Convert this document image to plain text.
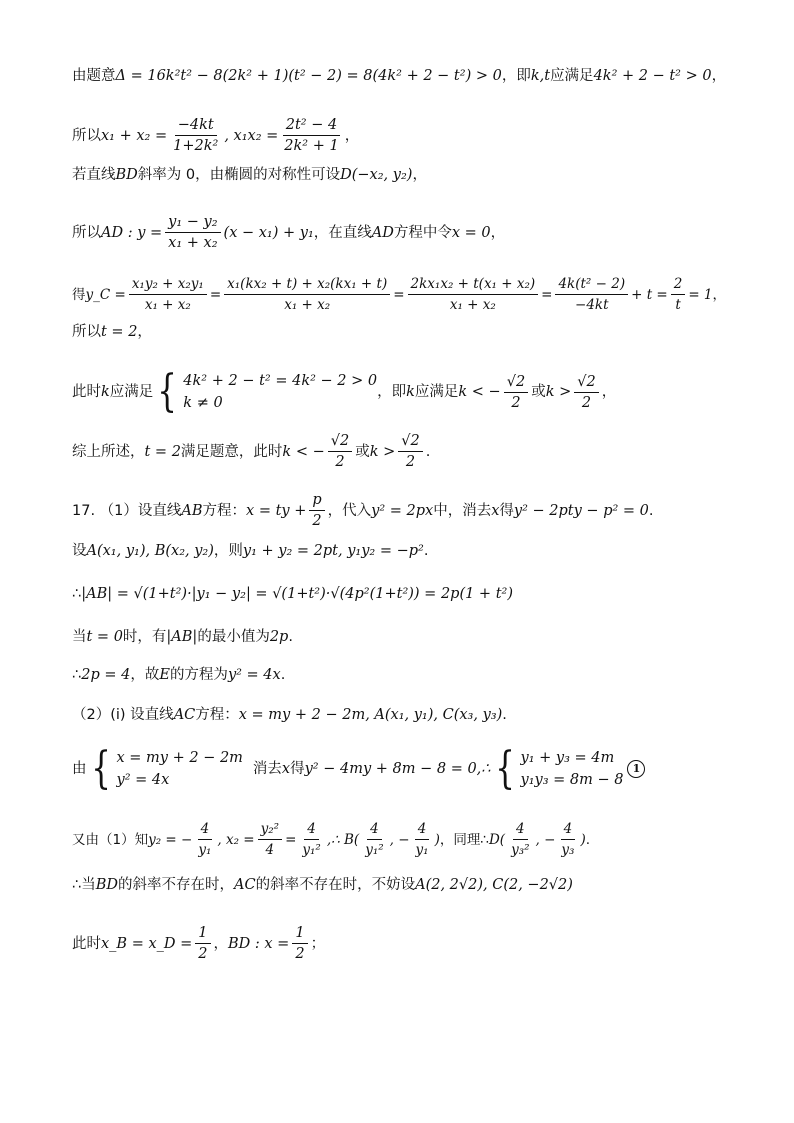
由题意 Δ = 16k²t² − 8(2k² + 1)(t² − 2) = 8(4k² + 2 − t²) > 0 ，即 k,t 应满足 4k² + 2 − t² > 0 ，
所以 $x_1 + x_2 = \frac{-4kt}{\text{1+2k²}}$ , $x_1x_2 = \frac{\text{2t² − 4}}{\text{2k² + 1}}$ ，
若直线 BD 斜率为 0，由椭圆的对称性可设 D(−x₂, y₂) ，
所以 AD : $y = \frac{\text{y₁ − y₂}}{\text{x₁ + x₂}} (x - x_1) + y_1$ ，在直线 AD 方程中令 x = 0 ，
得 y_C = $\frac{\text{x₁y₂ + x₂y₁}}{\text{x₁ + x₂}} = \frac{\text{x₁(kx₂ + t) + x₂(kx₁ + t)}}{\text{x₁ + x₂}} = \frac{\text{2kx₁x₂ + t(x₁ + x₂)}}{\text{x₁ + x₂}} = \frac{\text{4k(t² − 2)}}{-4kt} + t = \frac{2}{t} = 1$ ，
所以 t = 2 ，
此时 k 应满足 { 4k² + 2 − t² = 4k² − 2 > 0
k ≠ 0
，即 k 应满足 k < − $\frac{√2}{2}$ 或 $k > \frac{√2}{2}$ ，
综上所述， t = 2 满足题意，此时 k < − $\frac{√2}{2}$ 或 $k > \frac{√2}{2}$ .
17. （1）设直线 AB 方程： x = ty + $\frac{p}{2}$ ，代入 y² = 2px 中，消去 x 得 y² − 2pty − p² = 0 .
设 A(x₁, y₁), B(x₂, y₂) ，则 y₁ + y₂ = 2pt, y₁y₂ = −p² .
∴ |AB| = √(1+t²)·|y₁ − y₂| = √(1+t²)·√(4p²(1+t²)) = 2p(1 + t²)
当 t = 0 时，有 |AB| 的最小值为 2p .
∴ 2p = 4 ，故 E 的方程为 y² = 4x .
（2）(i) 设直线 AC 方程： x = my + 2 − 2m, A(x₁, y₁), C(x₃, y₃) .
由 { x = my + 2 − 2m
y² = 4x
消去 x 得 y² − 4my + 8m − 8 = 0,∴ { y₁ + y₃ = 4m
y₁y₃ = 8m − 8
1
又由（1）知 y₂ = − $\frac{4}{\text{y₁}}$ , $x_2 = \frac{\text{y₂²}}{4} = \frac{4}{\text{y₁²}}$ ,∴ $B( \frac{4}{\text{y₁²}}$ , − $\frac{4}{\text{y₁}}$ ) ，同理∴ $D( \frac{4}{\text{y₃²}}$ , − $\frac{4}{\text{y₃}}$ ) .
∴当 BD 的斜率不存在时， AC 的斜率不存在时，不妨设 A(2, 2√2), C(2, −2√2)
此时 x_B = x_D = $\frac{1}{2}$ ， BD : $x = \frac{1}{2}$ ；
